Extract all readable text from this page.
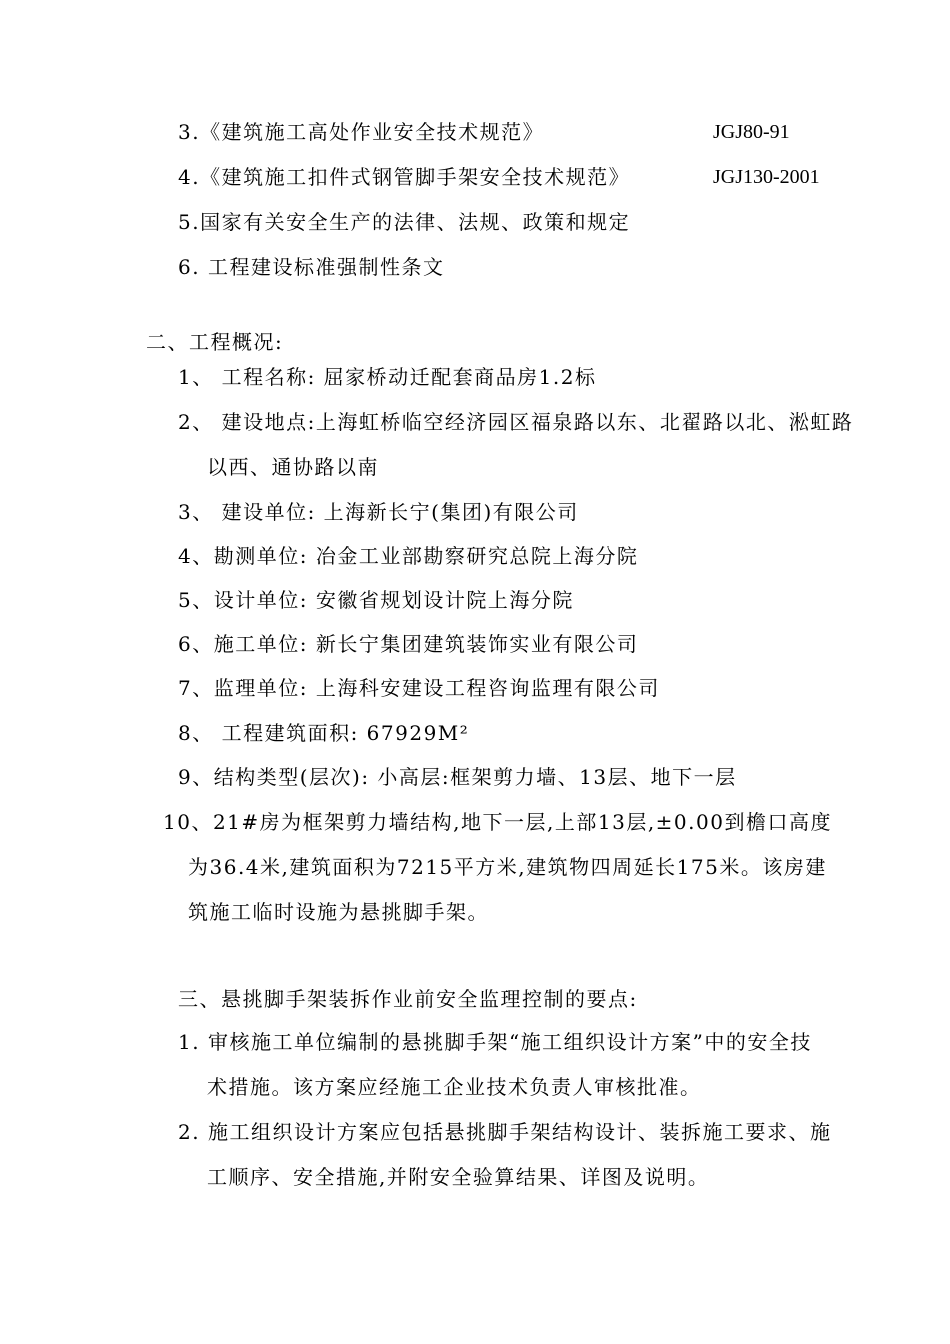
3.《建筑施工高处作业安全技术规范》	JGJ80-91
4.《建筑施工扣件式钢管脚手架安全技术规范》	JGJ130-2001
5.国家有关安全生产的法律、法规、政策和规定
6. 工程建设标准强制性条文
二、工程概况:
1、 工程名称: 屈家桥动迁配套商品房1.2标
2、 建设地点:上海虹桥临空经济园区福泉路以东、北翟路以北、淞虹路
以西、通协路以南
3、 建设单位: 上海新长宁(集团)有限公司
4、勘测单位: 冶金工业部勘察研究总院上海分院
5、设计单位: 安徽省规划设计院上海分院
6、施工单位: 新长宁集团建筑装饰实业有限公司
7、监理单位: 上海科安建设工程咨询监理有限公司
8、 工程建筑面积: 67929M²
9、结构类型(层次): 小高层:框架剪力墙、13层、地下一层
10、21#房为框架剪力墙结构,地下一层,上部13层,±0.00到檐口高度
为36.4米,建筑面积为7215平方米,建筑物四周延长175米。该房建
筑施工临时设施为悬挑脚手架。
三、悬挑脚手架装拆作业前安全监理控制的要点:
1. 审核施工单位编制的悬挑脚手架“施工组织设计方案”中的安全技
术措施。该方案应经施工企业技术负责人审核批准。
2. 施工组织设计方案应包括悬挑脚手架结构设计、装拆施工要求、施
工顺序、安全措施,并附安全验算结果、详图及说明。
